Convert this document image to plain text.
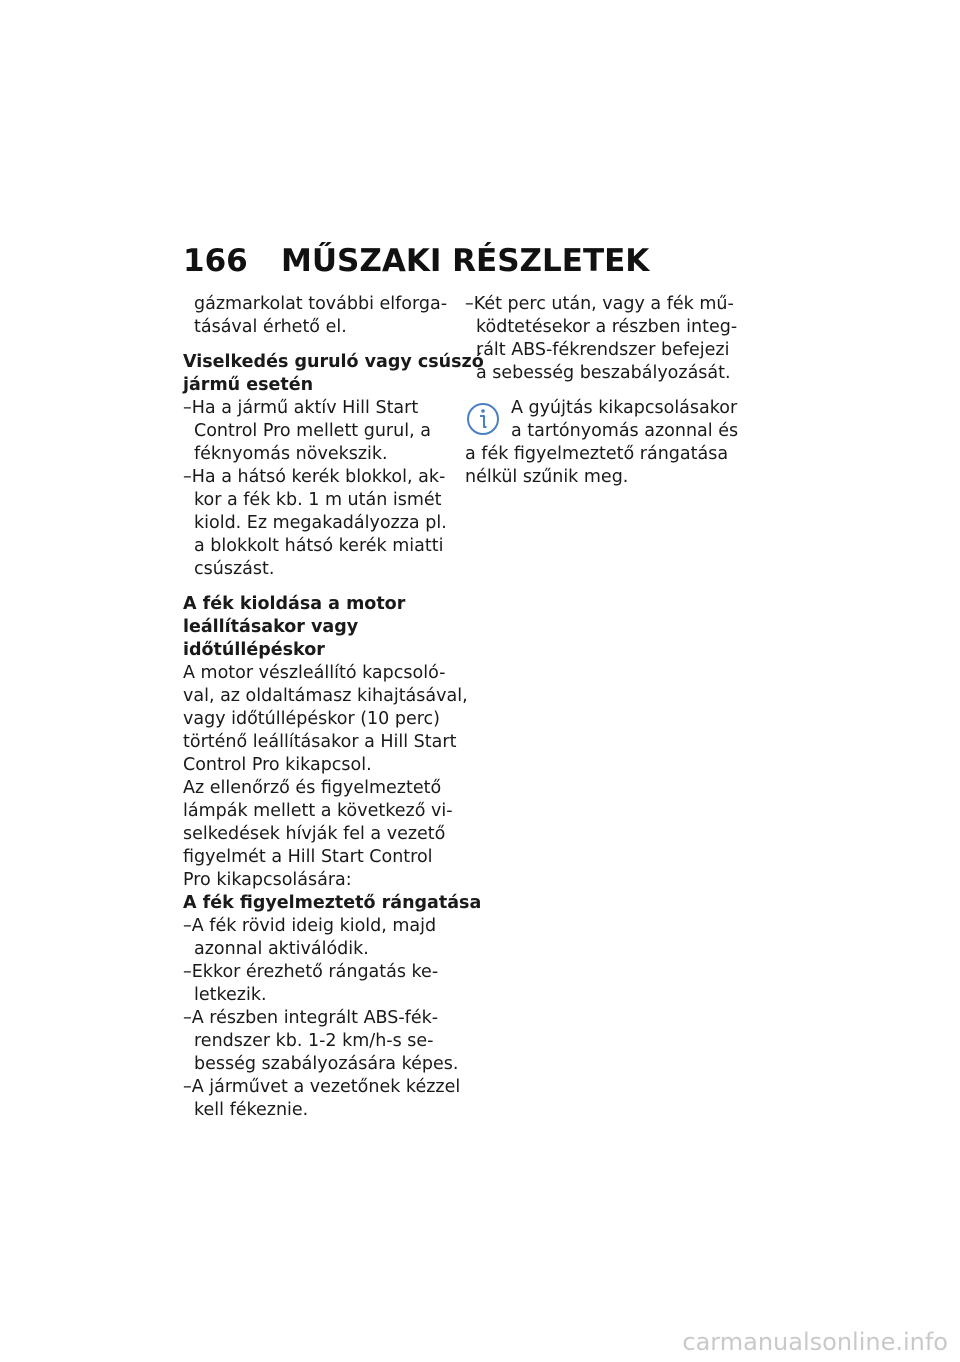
166 MŰSZAKI RÉSZLETEK
gázmarkolat további elforga-
tásával érhető el.
Viselkedés guruló vagy csúszó
jármű esetén
–Ha a jármű aktív Hill Start
Control Pro mellett gurul, a
féknyomás növekszik.
–Ha a hátsó kerék blokkol, ak-
kor a fék kb. 1 m után ismét
kiold. Ez megakadályozza pl.
a blokkolt hátsó kerék miatti
csúszást.
A fék kioldása a motor
leállításakor vagy
időtúllépéskor
A motor vészleállító kapcsoló-
val, az oldaltámasz kihajtásával,
vagy időtúllépéskor (10 perc)
történő leállításakor a Hill Start
Control Pro kikapcsol.
Az ellenőrző és figyelmeztető
lámpák mellett a következő vi-
selkedések hívják fel a vezető
figyelmét a Hill Start Control
Pro kikapcsolására:
A fék figyelmeztető rángatása
–A fék rövid ideig kiold, majd
azonnal aktiválódik.
–Ekkor érezhető rángatás ke-
letkezik.
–A részben integrált ABS-fék-
rendszer kb. 1-2 km/h-s se-
besség szabályozására képes.
–A járművet a vezetőnek kézzel
kell fékeznie.
–Két perc után, vagy a fék mű-
ködtetésekor a részben integ-
rált ABS-fékrendszer befejezi
a sebesség beszabályozását.
A gyújtás kikapcsolásakor
a tartónyomás azonnal és
a fék figyelmeztető rángatása
nélkül szűnik meg.
carmanualsonline.info
